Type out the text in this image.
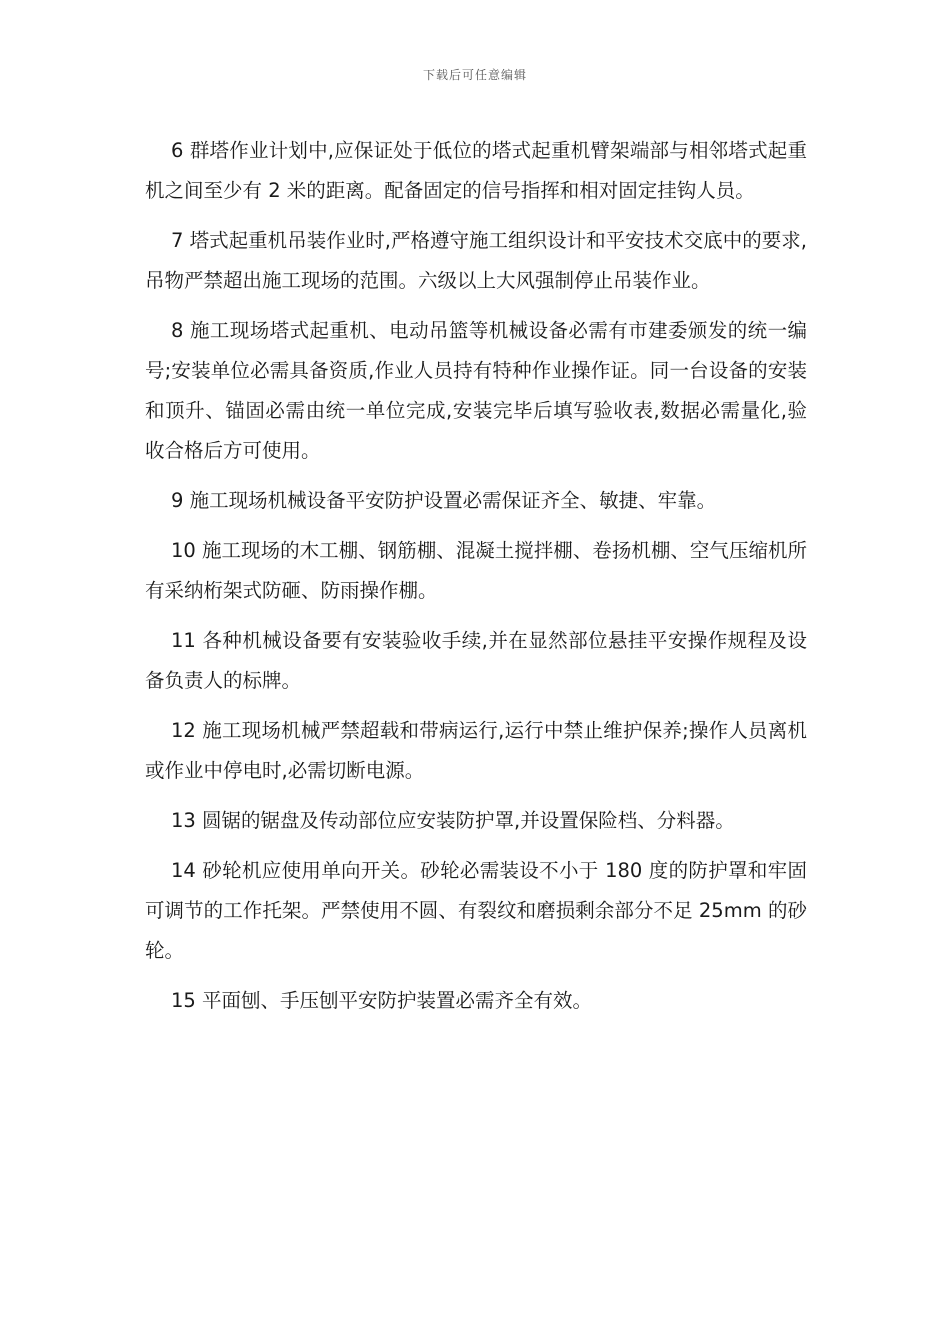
下载后可任意编辑

6 群塔作业计划中,应保证处于低位的塔式起重机臂架端部与相邻塔式起重机之间至少有 2 米的距离。配备固定的信号指挥和相对固定挂钩人员。

7 塔式起重机吊装作业时,严格遵守施工组织设计和平安技术交底中的要求,吊物严禁超出施工现场的范围。六级以上大风强制停止吊装作业。

8 施工现场塔式起重机、电动吊篮等机械设备必需有市建委颁发的统一编号;安装单位必需具备资质,作业人员持有特种作业操作证。同一台设备的安装和顶升、锚固必需由统一单位完成,安装完毕后填写验收表,数据必需量化,验收合格后方可使用。

9 施工现场机械设备平安防护设置必需保证齐全、敏捷、牢靠。

10 施工现场的木工棚、钢筋棚、混凝土搅拌棚、卷扬机棚、空气压缩机所有采纳桁架式防砸、防雨操作棚。

11 各种机械设备要有安装验收手续,并在显然部位悬挂平安操作规程及设备负责人的标牌。

12 施工现场机械严禁超载和带病运行,运行中禁止维护保养;操作人员离机或作业中停电时,必需切断电源。

13 圆锯的锯盘及传动部位应安装防护罩,并设置保险档、分料器。

14 砂轮机应使用单向开关。砂轮必需装设不小于 180 度的防护罩和牢固可调节的工作托架。严禁使用不圆、有裂纹和磨损剩余部分不足 25mm 的砂轮。

15 平面刨、手压刨平安防护装置必需齐全有效。
